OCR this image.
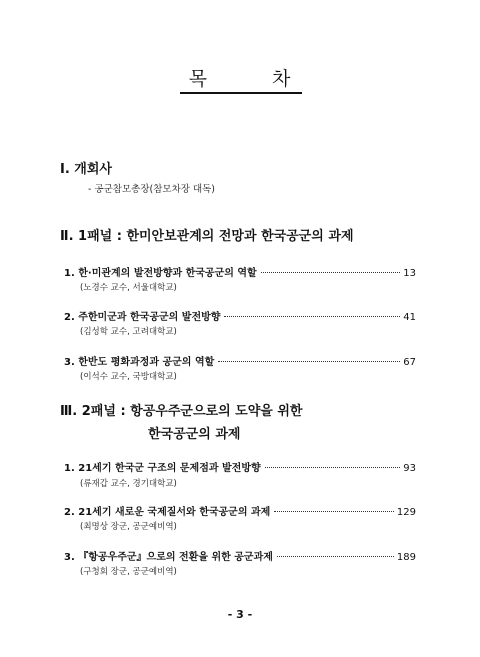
목	차
Ⅰ. 개회사
- 공군참모총장(참모차장 대독)
Ⅱ. 1패널 : 한미안보관계의 전망과 한국공군의 과제
1. 한·미관계의 발전방향과 한국공군의 역할	13
(노경수 교수, 서울대학교)
2. 주한미군과 한국공군의 발전방향	41
(김성학 교수, 고려대학교)
3. 한반도 평화과정과 공군의 역할	67
(이석수 교수, 국방대학교)
Ⅲ. 2패널 : 항공우주군으로의 도약을 위한
한국공군의 과제
1. 21세기 한국군 구조의 문제점과 발전방향	93
(류재갑 교수, 경기대학교)
2. 21세기 새로운 국제질서와 한국공군의 과제	129
(최명상 장군, 공군예비역)
3. 『항공우주군』으로의 전환을 위한 공군과제	189
(구청회 장군, 공군예비역)
- 3 -
